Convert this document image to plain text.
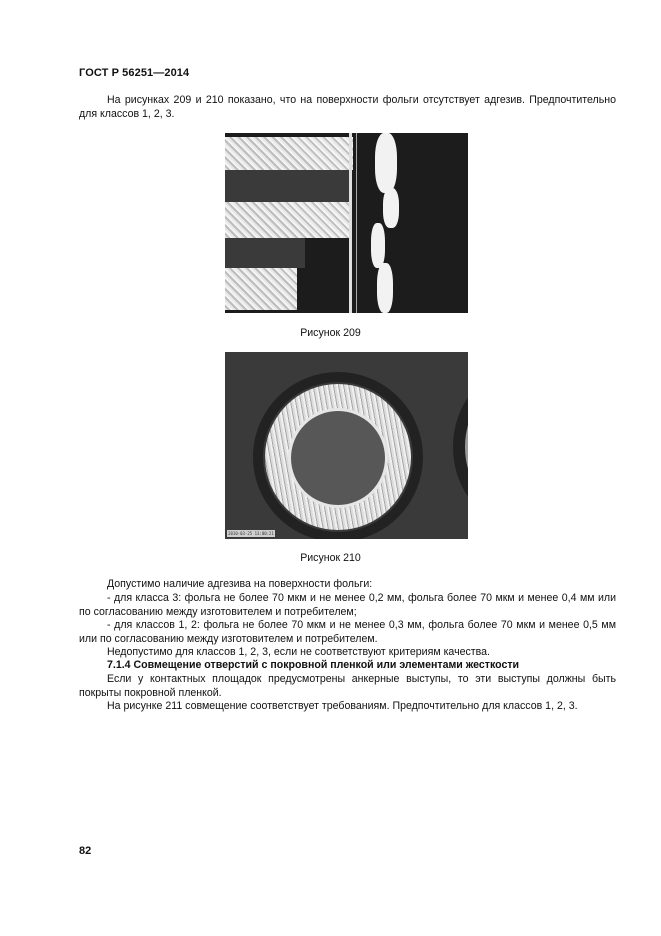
ГОСТ Р 56251—2014
На рисунках 209 и 210 показано, что на поверхности фольги отсутствует адгезив. Предпочтительно для классов 1, 2, 3.
Рисунок 209
2010-03-25 13:00:21
Рисунок 210
Допустимо наличие адгезива на поверхности фольги:
- для класса 3: фольга не более 70 мкм и не менее 0,2 мм, фольга более 70 мкм и менее 0,4 мм или по согласованию между изготовителем и потребителем;
- для классов 1, 2: фольга не более 70 мкм и не менее 0,3 мм, фольга более 70 мкм и менее 0,5 мм или по согласованию между изготовителем и потребителем.
Недопустимо для классов 1, 2, 3, если не соответствуют критериям качества.
7.1.4 Совмещение отверстий с покровной пленкой или элементами жесткости
Если у контактных площадок предусмотрены анкерные выступы, то эти выступы должны быть покрыты покровной пленкой.
На рисунке 211 совмещение соответствует требованиям. Предпочтительно для классов 1, 2, 3.
82
